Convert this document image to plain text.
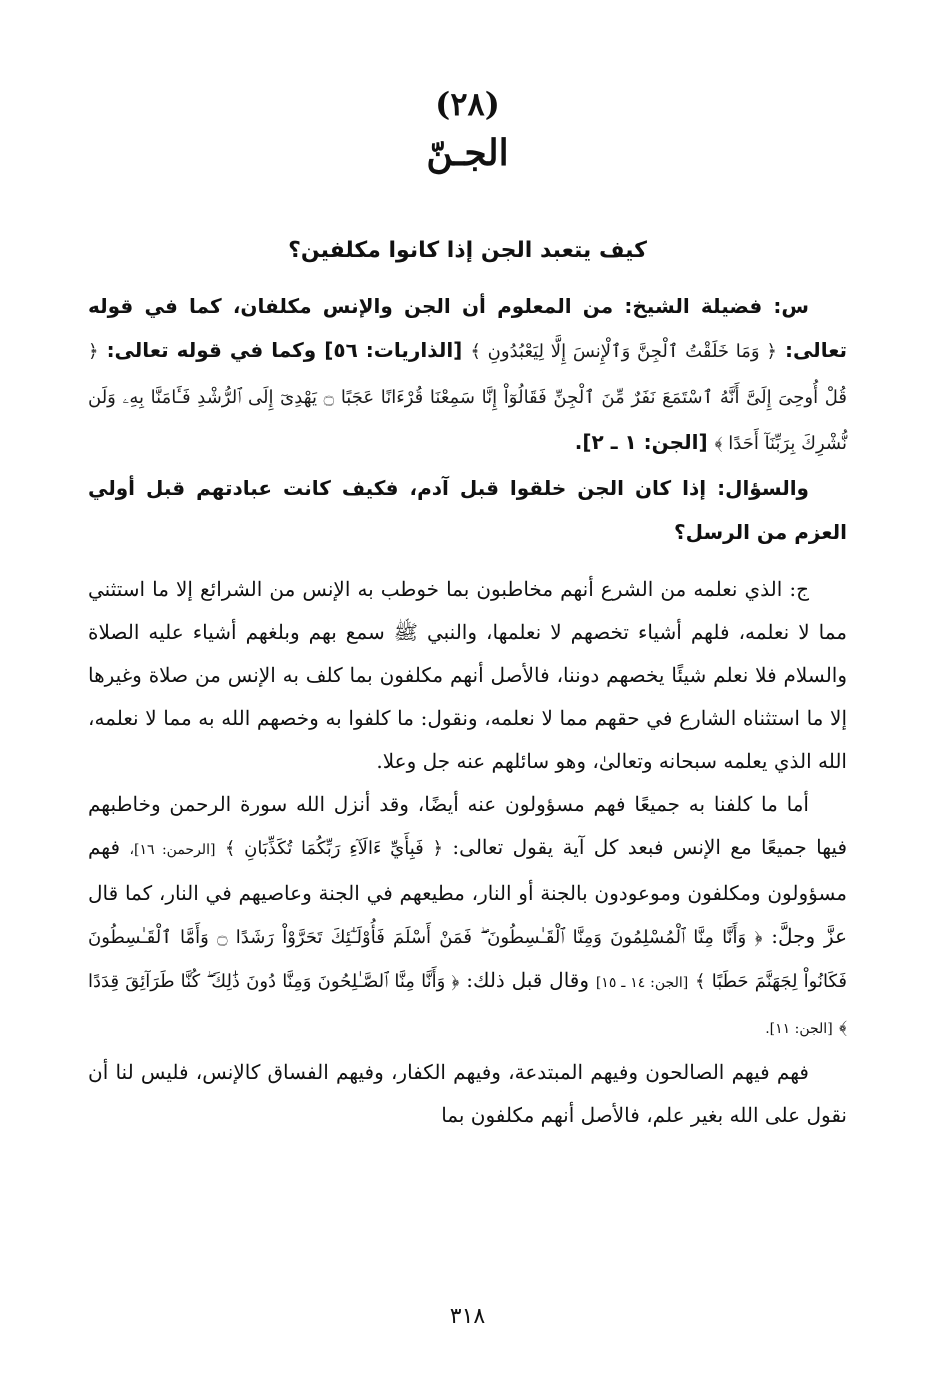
(٢٨)
الجـنّ
كيف يتعبد الجن إذا كانوا مكلفين؟

س: فضيلة الشيخ: من المعلوم أن الجن والإنس مكلفان، كما في قوله تعالى: ﴿ وَمَا خَلَقْتُ ٱلْجِنَّ وَٱلْإِنسَ إِلَّا لِيَعْبُدُونِ ﴾ [الذاريات: ٥٦] وكما في قوله تعالى: ﴿ قُلْ أُوحِىَ إِلَىَّ أَنَّهُ ٱسْتَمَعَ نَفَرٌ مِّنَ ٱلْجِنِّ فَقَالُوٓاْ إِنَّا سَمِعْنَا قُرْءَانًا عَجَبًا ۝ يَهْدِىٓ إِلَى ٱلرُّشْدِ فَـَٔامَنَّا بِهِۦ وَلَن نُّشْرِكَ بِرَبِّنَآ أَحَدًا ﴾ [الجن: ١ ـ ٢].

والسؤال: إذا كان الجن خلقوا قبل آدم، فكيف كانت عبادتهم قبل أولي العزم من الرسل؟

ج: الذي نعلمه من الشرع أنهم مخاطبون بما خوطب به الإنس من الشرائع إلا ما استثني مما لا نعلمه، فلهم أشياء تخصهم لا نعلمها، والنبي ﷺ سمع بهم وبلغهم أشياء عليه الصلاة والسلام فلا نعلم شيئًا يخصهم دوننا، فالأصل أنهم مكلفون بما كلف به الإنس من صلاة وغيرها إلا ما استثناه الشارع في حقهم مما لا نعلمه، ونقول: ما كلفوا به وخصهم الله به مما لا نعلمه، الله الذي يعلمه سبحانه وتعالىٰ، وهو سائلهم عنه جل وعلا.

أما ما كلفنا به جميعًا فهم مسؤولون عنه أيضًا، وقد أنزل الله سورة الرحمن وخاطبهم فيها جميعًا مع الإنس فبعد كل آية يقول تعالى: ﴿ فَبِأَيِّ ءَالَآءِ رَبِّكُمَا تُكَذِّبَانِ ﴾ [الرحمن: ١٦]، فهم مسؤولون ومكلفون وموعودون بالجنة أو النار، مطيعهم في الجنة وعاصيهم في النار، كما قال عزَّ وجلَّ: ﴿ وَأَنَّا مِنَّا ٱلْمُسْلِمُونَ وَمِنَّا ٱلْقَـٰسِطُونَ ۖ فَمَنْ أَسْلَمَ فَأُوْلَـٰٓئِكَ تَحَرَّوْاْ رَشَدًا ۝ وَأَمَّا ٱلْقَـٰسِطُونَ فَكَانُواْ لِجَهَنَّمَ حَطَبًا ﴾ [الجن: ١٤ ـ ١٥] وقال قبل ذلك: ﴿ وَأَنَّا مِنَّا ٱلصَّـٰلِحُونَ وَمِنَّا دُونَ ذَٰلِكَ ۖ كُنَّا طَرَآئِقَ قِدَدًا ﴾ [الجن: ١١].

فهم فيهم الصالحون وفيهم المبتدعة، وفيهم الكفار، وفيهم الفساق كالإنس، فليس لنا أن نقول على الله بغير علم، فالأصل أنهم مكلفون بما

٣١٨
